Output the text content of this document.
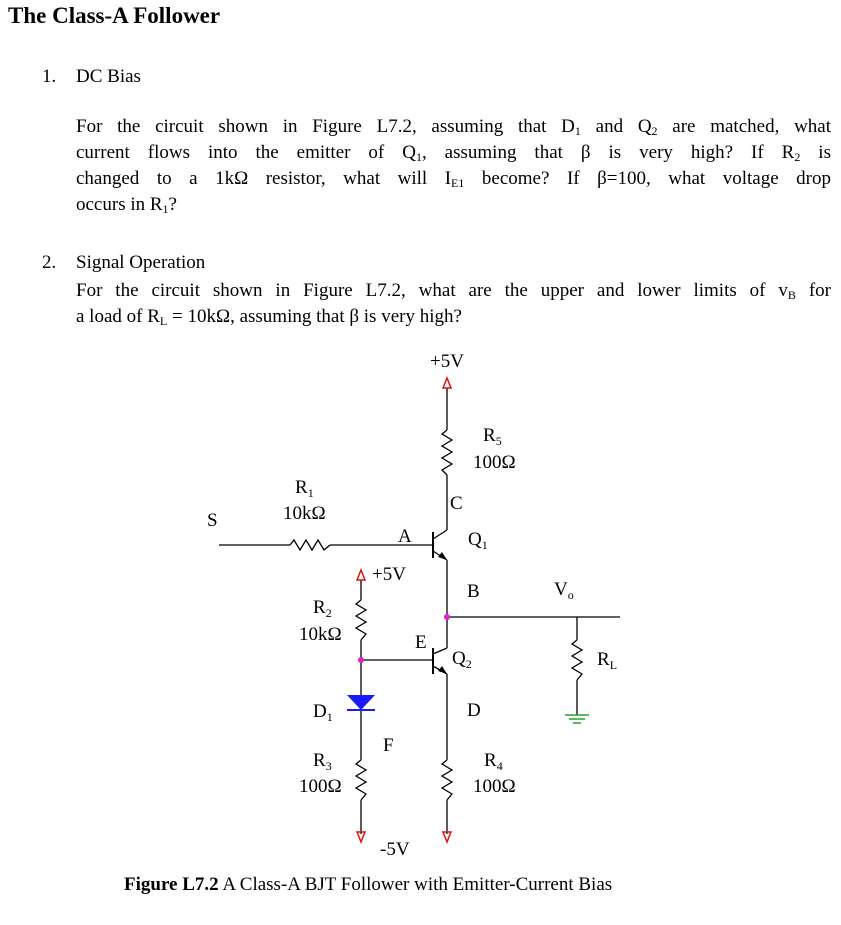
The Class-A Follower
1. DC Bias
For the circuit shown in Figure L7.2, assuming that $D_1$ and $Q_2$ are matched, what
current flows into the emitter of $Q_1$, assuming that β is very high? If $R_2$ is
changed to a 1kΩ resistor, what will $I_{E1}$ become? If β=100, what voltage drop
occurs in $R_1$?
2. Signal Operation
For the circuit shown in Figure L7.2, what are the upper and lower limits of $v_B$ for
a load of $R_L = 10k\Omega$, assuming that β is very high?
+5V
+5V
-5V
S
$R_5$
100Ω
$R_1$
10kΩ
$R_2$
10kΩ
$D_1$
$R_3$
100Ω
$R_4$
100Ω
$R_L$
$Q_1$
$Q_2$
$V_o$
A
B
C
D
E
F
Figure L7.2 A Class-A BJT Follower with Emitter-Current Bias
